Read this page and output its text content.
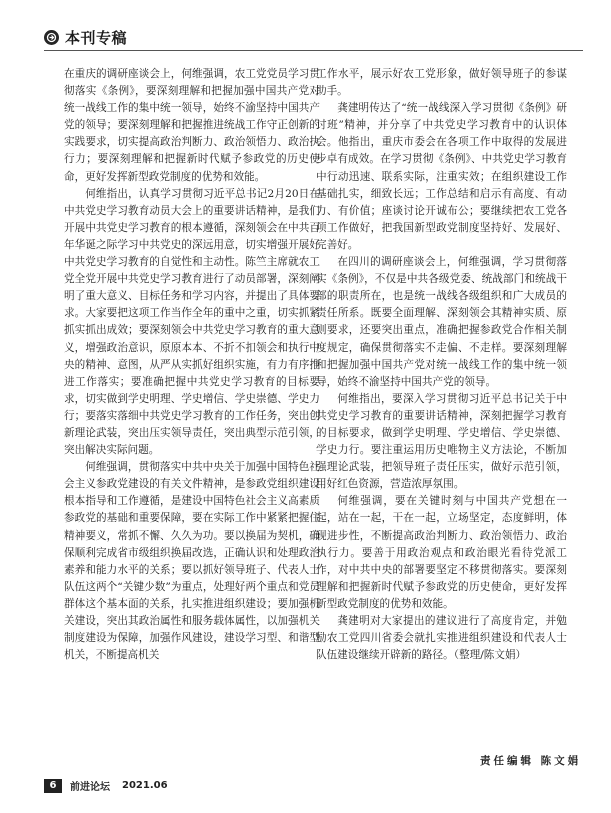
本刊专稿

在重庆的调研座谈会上，何维强调，农工党党员学习贯彻落实《条例》，要深刻理解和把握加强中国共产党对统一战线工作的集中统一领导，始终不渝坚持中国共产党的领导；要深刻理解和把握推进统战工作守正创新的实践要求，切实提高政治判断力、政治领悟力、政治执行力；要深刻理解和把握新时代赋予参政党的历史使命，更好发挥新型政党制度的优势和效能。

何维指出，认真学习贯彻习近平总书记2月20日在中共党史学习教育动员大会上的重要讲话精神，是我们开展中共党史学习教育的根本遵循，深刻领会在中共百年华诞之际学习中共党史的深远用意，切实增强开展好中共党史学习教育的自觉性和主动性。陈竺主席就农工党全党开展中共党史学习教育进行了动员部署，深刻阐明了重大意义、目标任务和学习内容，并提出了具体要求。大家要把这项工作当作全年的重中之重，切实抓紧抓实抓出成效；要深刻领会中共党史学习教育的重大意义，增强政治意识，原原本本、不折不扣领会和执行中央的精神、意图，从严从实抓好组织实施，有力有序推进工作落实；要准确把握中共党史学习教育的目标要求，切实做到学史明理、学史增信、学史崇德、学史力行；要落实落细中共党史学习教育的工作任务，突出创新理论武装，突出压实领导责任，突出典型示范引领，突出解决实际问题。

何维强调，贯彻落实中共中央关于加强中国特色社会主义参政党建设的有关文件精神，是参政党组织建设根本指导和工作遵循，是建设中国特色社会主义高素质参政党的基础和重要保障，要在实际工作中紧紧把握住精神要义，常抓不懈、久久为功。要以换届为契机，确保顺利完成省市级组织换届改选，正确认识和处理政治素养和能力水平的关系；要以抓好领导班子、代表人士队伍这两个“关键少数”为重点，处理好两个重点和党员群体这个基本面的关系，扎实推进组织建设；要加强机关建设，突出其政治属性和服务载体属性，以加强机关制度建设为保障，加强作风建设，建设学习型、和谐型机关，不断提高机关

工作水平，展示好农工党形象，做好领导班子的参谋助手。

龚建明传达了“统一战线深入学习贯彻《条例》研讨班”精神，并分享了中共党史学习教育中的认识体会。他指出，重庆市委会在各项工作中取得的发展进步卓有成效。在学习贯彻《条例》、中共党史学习教育中行动迅速、联系实际，注重实效；在组织建设工作基础扎实，细致长远；工作总结和启示有高度、有动力、有价值；座谈讨论开诚布公；要继续把农工党各项工作做好，把我国新型政党制度坚持好、发展好、完善好。

在四川的调研座谈会上，何维强调，学习贯彻落实《条例》，不仅是中共各级党委、统战部门和统战干部的职责所在，也是统一战线各级组织和广大成员的责任所系。既要全面理解、深刻领会其精神实质、原则要求，还要突出重点，准确把握参政党合作相关制度规定，确保贯彻落实不走偏、不走样。要深刻理解和把握加强中国共产党对统一战线工作的集中统一领导，始终不渝坚持中国共产党的领导。

何维指出，要深入学习贯彻习近平总书记关于中共党史学习教育的重要讲话精神，深刻把握学习教育的目标要求，做到学史明理、学史增信、学史崇德、学史力行。要注重运用历史唯物主义方法论，不断加强理论武装，把领导班子责任压实，做好示范引领，用好红色资源，营造浓厚氛围。

何维强调，要在关键时刻与中国共产党想在一起，站在一起，干在一起，立场坚定，态度鲜明，体现进步性，不断提高政治判断力、政治领悟力、政治执行力。要善于用政治观点和政治眼光看待党派工作，对中共中央的部署要坚定不移贯彻落实。要深刻理解和把握新时代赋予参政党的历史使命，更好发挥新型政党制度的优势和效能。

龚建明对大家提出的建议进行了高度肯定，并勉励农工党四川省委会就扎实推进组织建设和代表人士队伍建设继续开辟新的路径。（整理/陈文娟）

责任编辑 陈文娟
6	前进论坛 2021.06
